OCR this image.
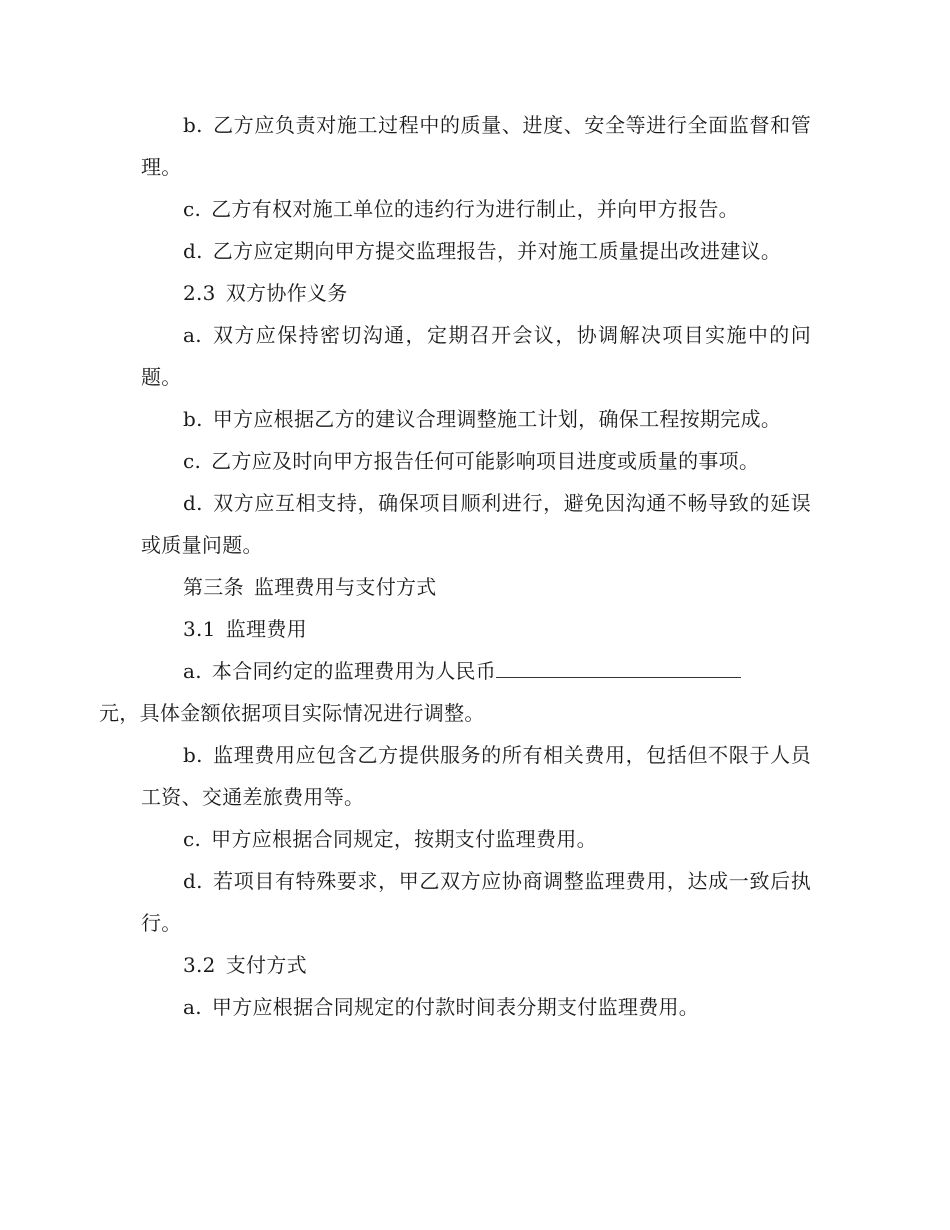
b. 乙方应负责对施工过程中的质量、进度、安全等进行全面监督和管理。

c. 乙方有权对施工单位的违约行为进行制止，并向甲方报告。

d. 乙方应定期向甲方提交监理报告，并对施工质量提出改进建议。

2.3 双方协作义务

a. 双方应保持密切沟通，定期召开会议，协调解决项目实施中的问题。

b. 甲方应根据乙方的建议合理调整施工计划，确保工程按期完成。

c. 乙方应及时向甲方报告任何可能影响项目进度或质量的事项。

d. 双方应互相支持，确保项目顺利进行，避免因沟通不畅导致的延误或质量问题。

第三条 监理费用与支付方式

3.1 监理费用

a. 本合同约定的监理费用为人民币
元，具体金额依据项目实际情况进行调整。

b. 监理费用应包含乙方提供服务的所有相关费用，包括但不限于人员工资、交通差旅费用等。

c. 甲方应根据合同规定，按期支付监理费用。

d. 若项目有特殊要求，甲乙双方应协商调整监理费用，达成一致后执行。

3.2 支付方式

a. 甲方应根据合同规定的付款时间表分期支付监理费用。
